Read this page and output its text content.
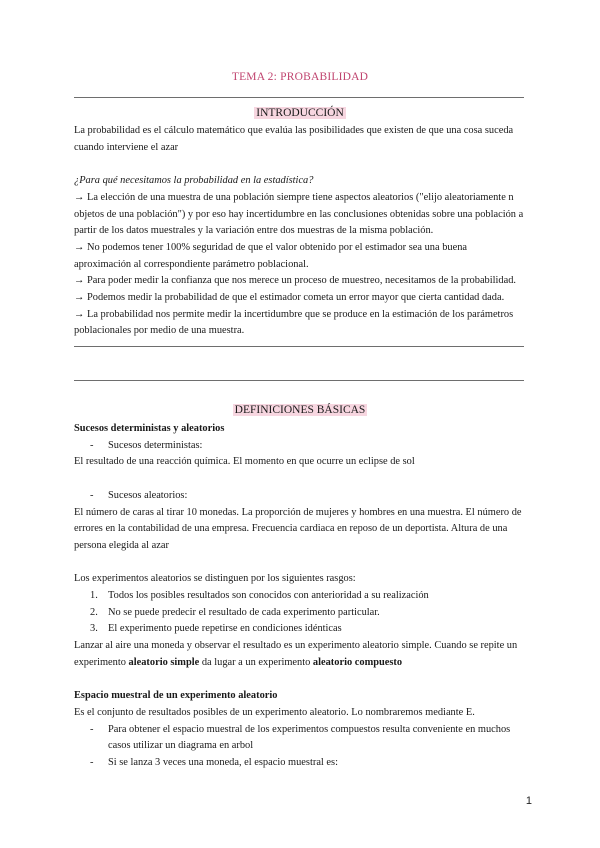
TEMA 2: PROBABILIDAD
INTRODUCCIÓN
La probabilidad es el cálculo matemático que evalúa las posibilidades que existen de que una cosa suceda
cuando interviene el azar
¿Para qué necesitamos la probabilidad en la estadística?
→ La elección de una muestra de una población siempre tiene aspectos aleatorios ("elijo aleatoriamente n
objetos de una población") y por eso hay incertidumbre en las conclusiones obtenidas sobre una población a
partir de los datos muestrales y la variación entre dos muestras de la misma población.
→ No podemos tener 100% seguridad de que el valor obtenido por el estimador sea una buena
aproximación al correspondiente parámetro poblacional.
→ Para poder medir la confianza que nos merece un proceso de muestreo, necesitamos de la probabilidad.
→ Podemos medir la probabilidad de que el estimador cometa un error mayor que cierta cantidad dada.
→ La probabilidad nos permite medir la incertidumbre que se produce en la estimación de los parámetros
poblacionales por medio de una muestra.
DEFINICIONES BÁSICAS
Sucesos deterministas y aleatorios
- Sucesos deterministas:
El resultado de una reacción química. El momento en que ocurre un eclipse de sol
- Sucesos aleatorios:
El número de caras al tirar 10 monedas. La proporción de mujeres y hombres en una muestra. El número de
errores en la contabilidad de una empresa. Frecuencia cardiaca en reposo de un deportista. Altura de una
persona elegida al azar
Los experimentos aleatorios se distinguen por los siguientes rasgos:
1. Todos los posibles resultados son conocidos con anterioridad a su realización
2. No se puede predecir el resultado de cada experimento particular.
3. El experimento puede repetirse en condiciones idénticas
Lanzar al aire una moneda y observar el resultado es un experimento aleatorio simple. Cuando se repite un
experimento aleatorio simple da lugar a un experimento aleatorio compuesto
Espacio muestral de un experimento aleatorio
Es el conjunto de resultados posibles de un experimento aleatorio. Lo nombraremos mediante E.
- Para obtener el espacio muestral de los experimentos compuestos resulta conveniente en muchos
casos utilizar un diagrama en arbol
- Si se lanza 3 veces una moneda, el espacio muestral es:
1
